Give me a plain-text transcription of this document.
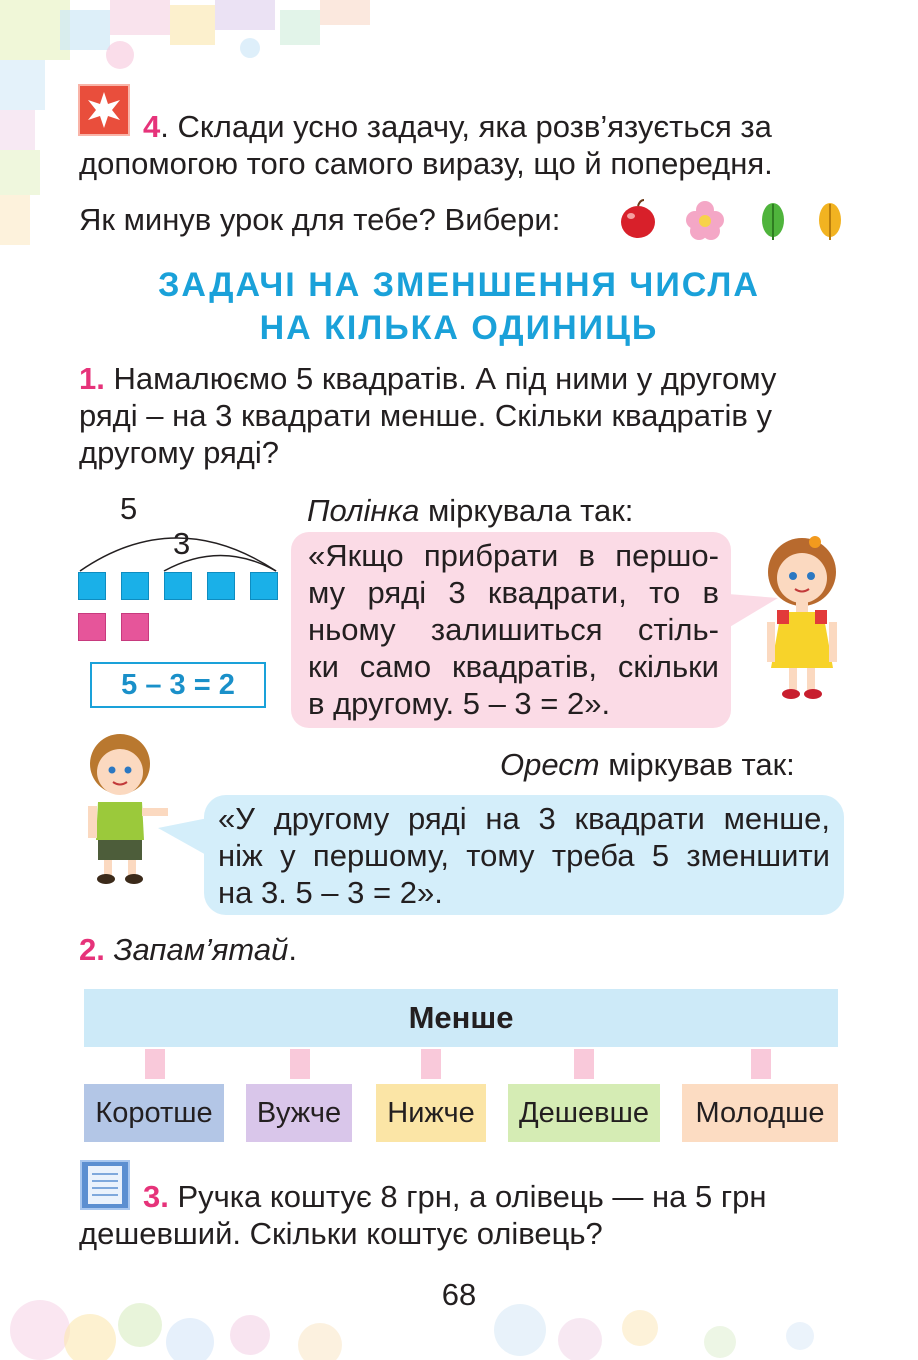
4. Склади усно задачу, яка розв’язується за
допомогою того самого виразу, що й попередня.
Як минув урок для тебе? Вибери:
ЗАДАЧІ НА ЗМЕНШЕННЯ ЧИСЛА
НА КІЛЬКА ОДИНИЦЬ
1. Намалюємо 5 квадратів. А під ними у другому
ряді – на 3 квадрати менше. Скільки квадратів у
другому ряді?
5
3
5 – 3 = 2
Полінка міркувала так:
«Якщо прибрати в першо-
му ряді 3 квадрати, то в
ньому залишиться стіль-
ки само квадратів, скільки
в другому. 5 – 3 = 2».
Орест міркував так:
«У другому ряді на 3 квадрати менше,
ніж у першому, тому треба 5 зменшити
на 3. 5 – 3 = 2».
2. Запам’ятай.
Менше
Коротше	Вужче	Нижче	Дешевше	Молодше
3. Ручка коштує 8 грн, а олівець — на 5 грн
дешевший. Скільки коштує олівець?
68
